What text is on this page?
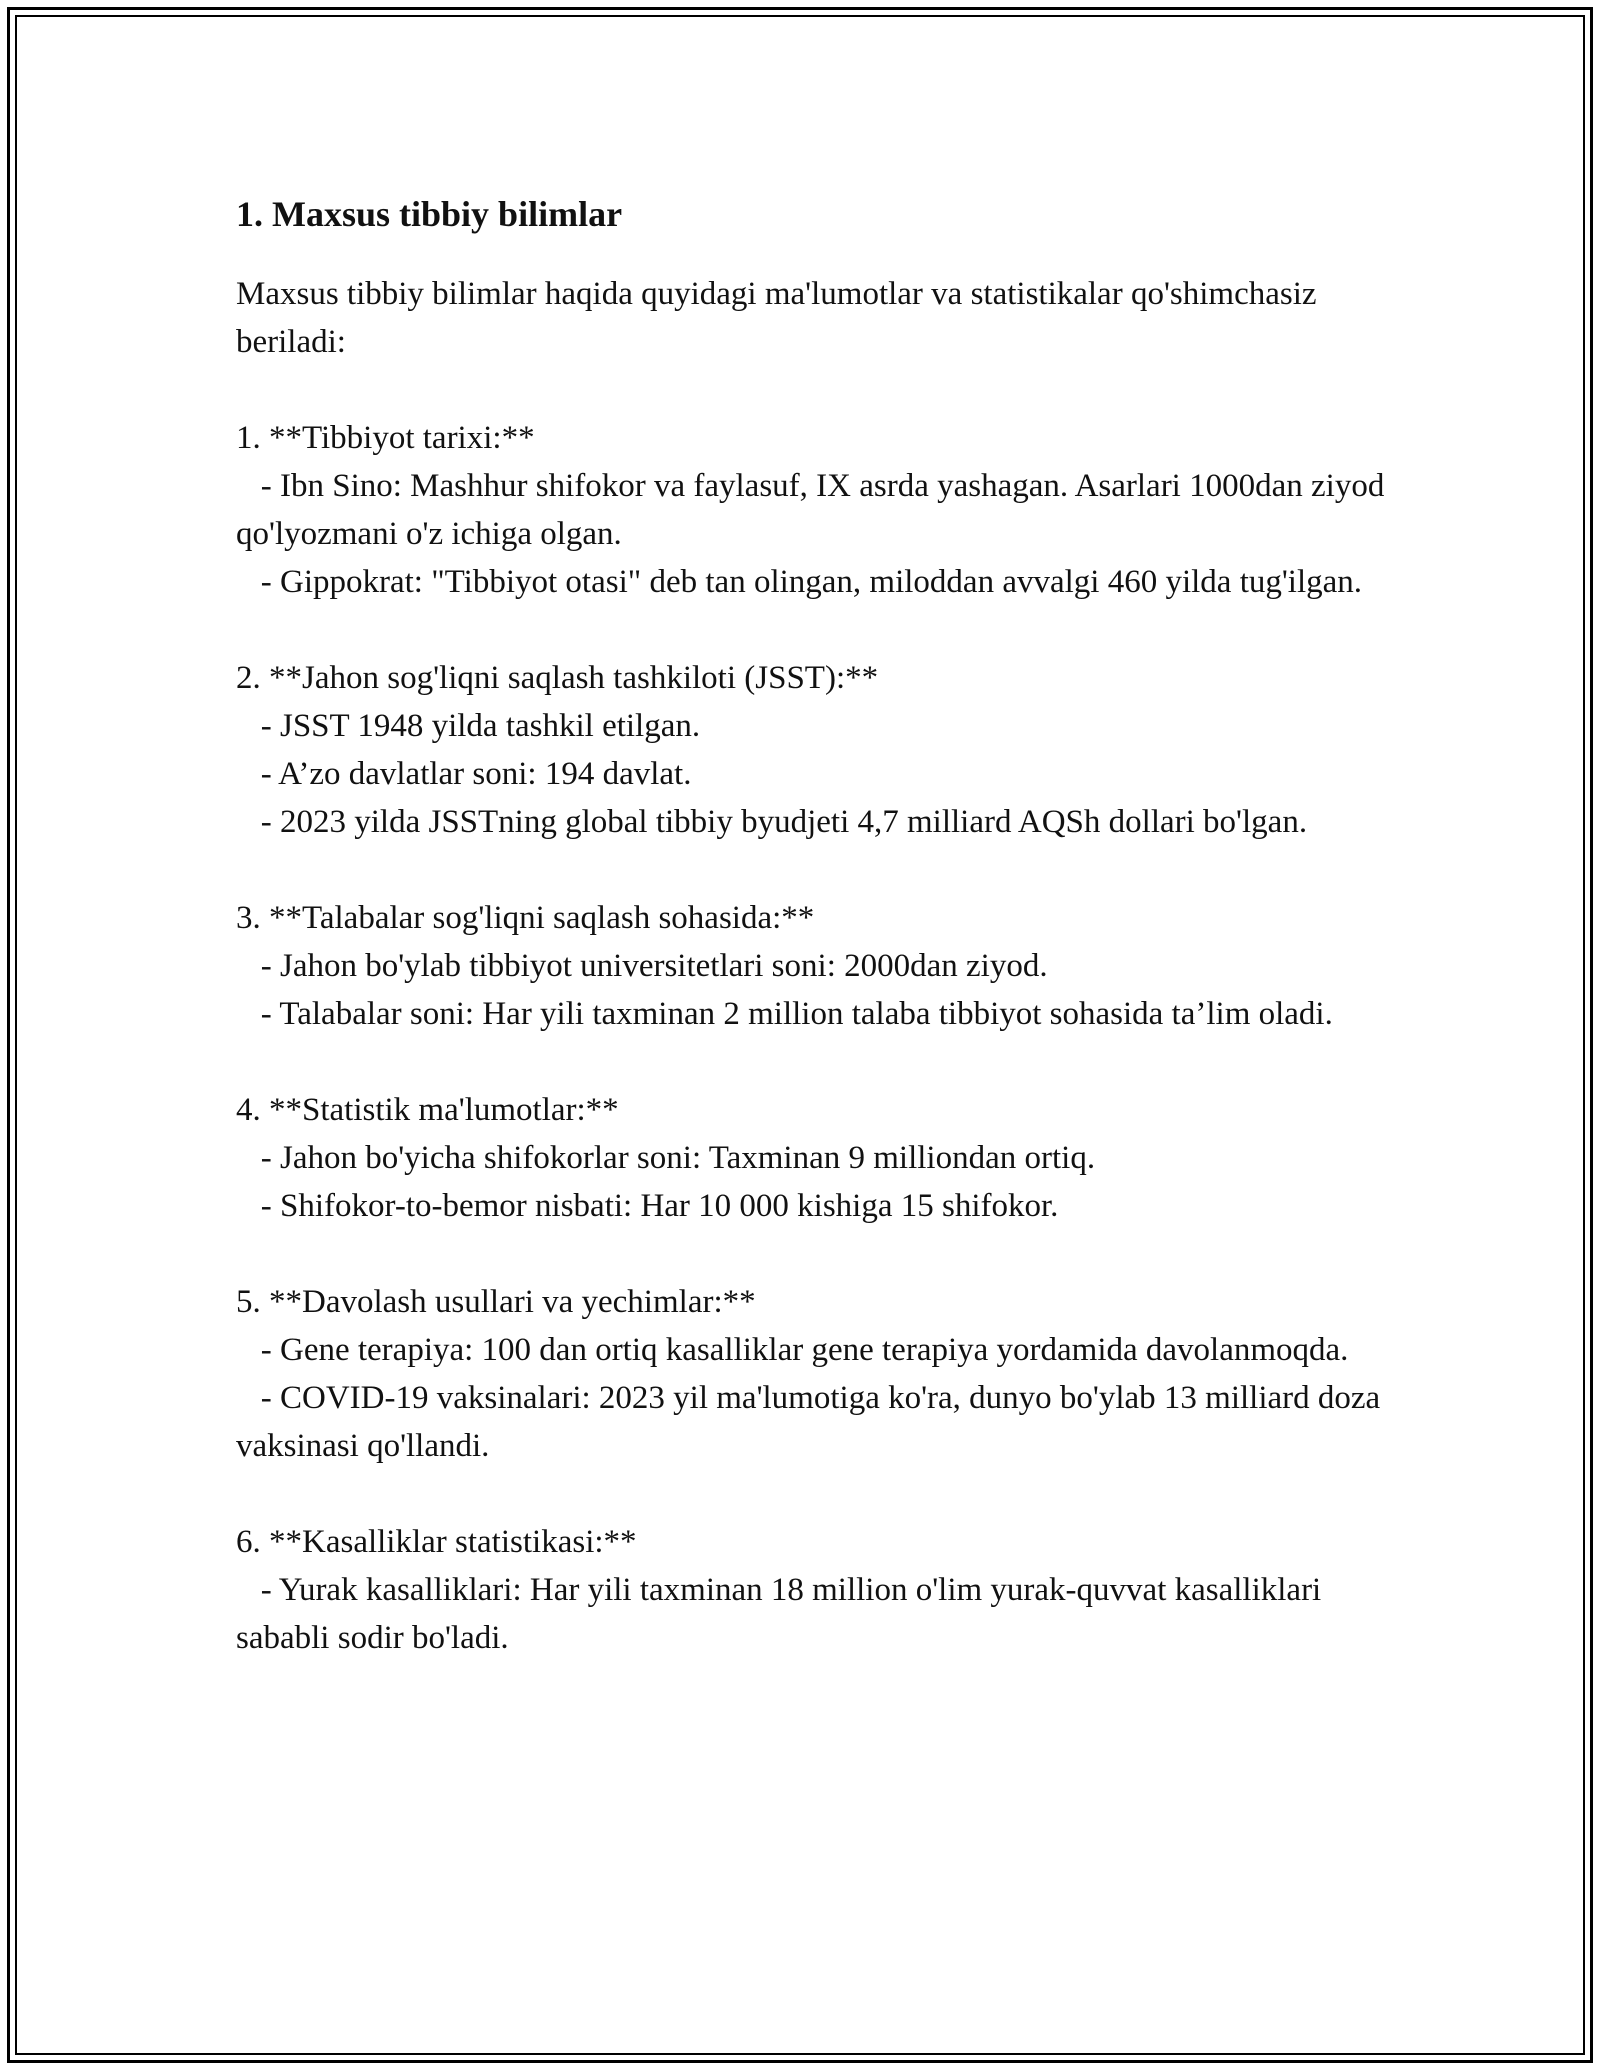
1. Maxsus tibbiy bilimlar
Maxsus tibbiy bilimlar haqida quyidagi ma'lumotlar va statistikalar qo'shimchasiz beriladi:
1. **Tibbiyot tarixi:**
- Ibn Sino: Mashhur shifokor va faylasuf, IX asrda yashagan. Asarlari 1000dan ziyod qo'lyozmani o'z ichiga olgan.
- Gippokrat: "Tibbiyot otasi" deb tan olingan, miloddan avvalgi 460 yilda tug'ilgan.
2. **Jahon sog'liqni saqlash tashkiloti (JSST):**
- JSST 1948 yilda tashkil etilgan.
- A’zo davlatlar soni: 194 davlat.
- 2023 yilda JSSTning global tibbiy byudjeti 4,7 milliard AQSh dollari bo'lgan.
3. **Talabalar sog'liqni saqlash sohasida:**
- Jahon bo'ylab tibbiyot universitetlari soni: 2000dan ziyod.
- Talabalar soni: Har yili taxminan 2 million talaba tibbiyot sohasida ta’lim oladi.
4. **Statistik ma'lumotlar:**
- Jahon bo'yicha shifokorlar soni: Taxminan 9 milliondan ortiq.
- Shifokor-to-bemor nisbati: Har 10 000 kishiga 15 shifokor.
5. **Davolash usullari va yechimlar:**
- Gene terapiya: 100 dan ortiq kasalliklar gene terapiya yordamida davolanmoqda.
- COVID-19 vaksinalari: 2023 yil ma'lumotiga ko'ra, dunyo bo'ylab 13 milliard doza vaksinasi qo'llandi.
6. **Kasalliklar statistikasi:**
- Yurak kasalliklari: Har yili taxminan 18 million o'lim yurak-quvvat kasalliklari sababli sodir bo'ladi.
